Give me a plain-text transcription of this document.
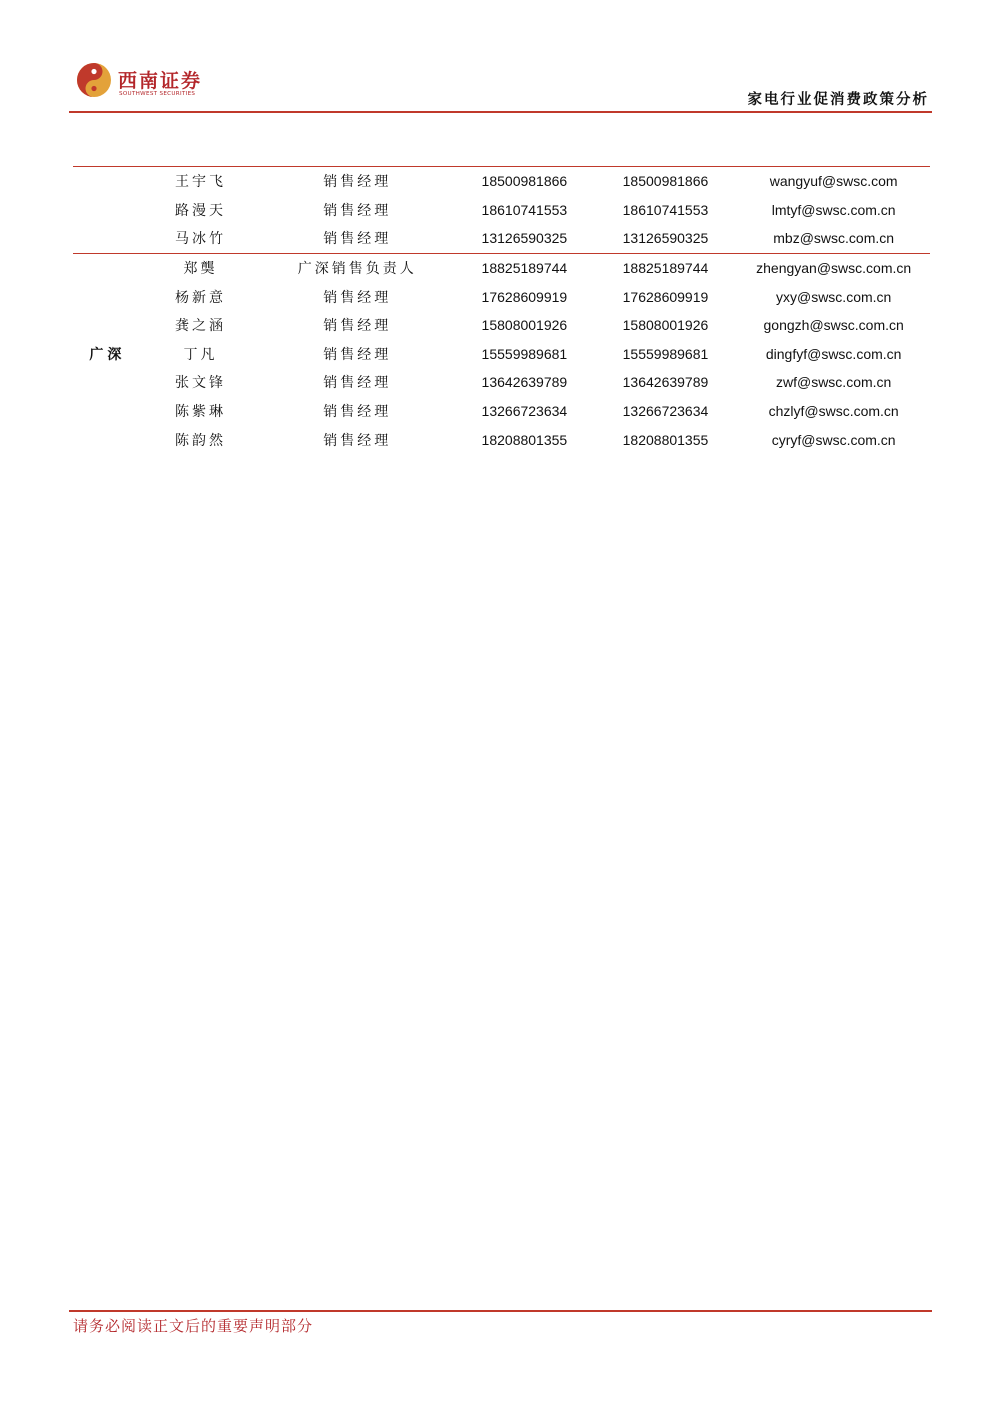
西南证券
SOUTHWEST SECURITIES	家电行业促消费政策分析
	王宇飞	销售经理	18500981866	18500981866	wangyuf@swsc.com
	路漫天	销售经理	18610741553	18610741553	lmtyf@swsc.com.cn
	马冰竹	销售经理	13126590325	13126590325	mbz@swsc.com.cn
广深	郑龑	广深销售负责人	18825189744	18825189744	zhengyan@swsc.com.cn
	杨新意	销售经理	17628609919	17628609919	yxy@swsc.com.cn
	龚之涵	销售经理	15808001926	15808001926	gongzh@swsc.com.cn
	丁凡	销售经理	15559989681	15559989681	dingfyf@swsc.com.cn
	张文锋	销售经理	13642639789	13642639789	zwf@swsc.com.cn
	陈紫琳	销售经理	13266723634	13266723634	chzlyf@swsc.com.cn
	陈韵然	销售经理	18208801355	18208801355	cyryf@swsc.com.cn
请务必阅读正文后的重要声明部分
